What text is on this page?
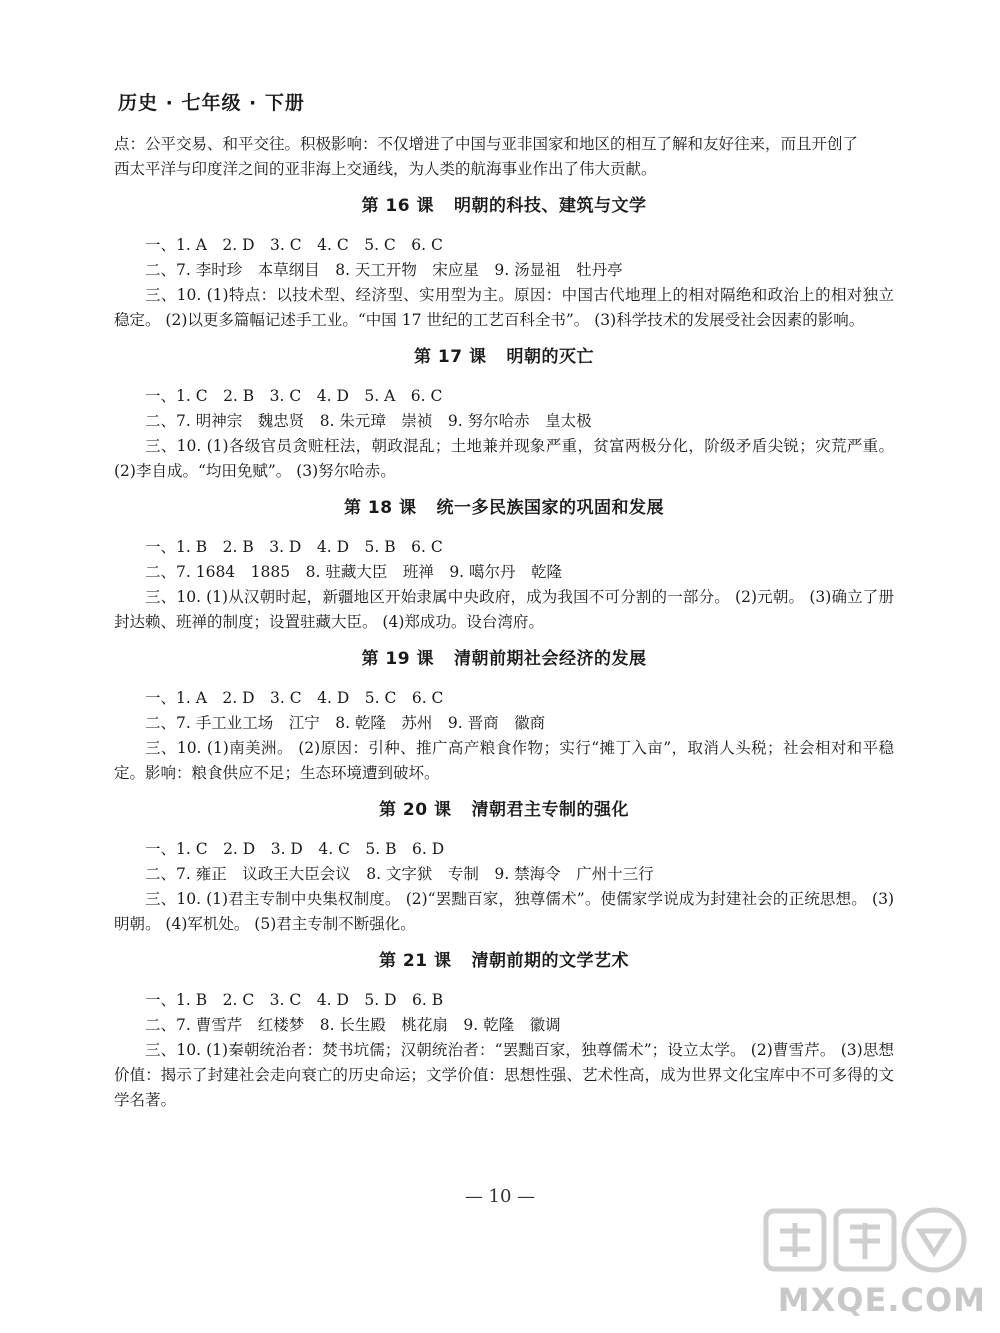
历史 · 七年级 · 下册

点：公平交易、和平交往。积极影响：不仅增进了中国与亚非国家和地区的相互了解和友好往来，而且开创了

西太平洋与印度洋之间的亚非海上交通线，为人类的航海事业作出了伟大贡献。

第 16 课 明朝的科技、建筑与文学

一、1. A　2. D　3. C　4. C　5. C　6. C

二、7. 李时珍　本草纲目　8. 天工开物　宋应星　9. 汤显祖　牡丹亭

三、10. (1)特点：以技术型、经济型、实用型为主。原因：中国古代地理上的相对隔绝和政治上的相对独立稳定。 (2)以更多篇幅记述手工业。“中国 17 世纪的工艺百科全书”。 (3)科学技术的发展受社会因素的影响。

第 17 课 明朝的灭亡

一、1. C　2. B　3. C　4. D　5. A　6. C

二、7. 明神宗　魏忠贤　8. 朱元璋　崇祯　9. 努尔哈赤　皇太极

三、10. (1)各级官员贪赃枉法，朝政混乱；土地兼并现象严重，贫富两极分化，阶级矛盾尖锐；灾荒严重。 (2)李自成。“均田免赋”。 (3)努尔哈赤。

第 18 课 统一多民族国家的巩固和发展

一、1. B　2. B　3. D　4. D　5. B　6. C

二、7. 1684　1885　8. 驻藏大臣　班禅　9. 噶尔丹　乾隆

三、10. (1)从汉朝时起，新疆地区开始隶属中央政府，成为我国不可分割的一部分。 (2)元朝。 (3)确立了册封达赖、班禅的制度；设置驻藏大臣。 (4)郑成功。设台湾府。

第 19 课 清朝前期社会经济的发展

一、1. A　2. D　3. C　4. D　5. C　6. C

二、7. 手工业工场　江宁　8. 乾隆　苏州　9. 晋商　徽商

三、10. (1)南美洲。 (2)原因：引种、推广高产粮食作物；实行“摊丁入亩”，取消人头税；社会相对和平稳定。影响：粮食供应不足；生态环境遭到破坏。

第 20 课 清朝君主专制的强化

一、1. C　2. D　3. D　4. C　5. B　6. D

二、7. 雍正　议政王大臣会议　8. 文字狱　专制　9. 禁海令　广州十三行

三、10. (1)君主专制中央集权制度。 (2)“罢黜百家，独尊儒术”。使儒家学说成为封建社会的正统思想。 (3)明朝。 (4)军机处。 (5)君主专制不断强化。

第 21 课 清朝前期的文学艺术

一、1. B　2. C　3. C　4. D　5. D　6. B

二、7. 曹雪芹　红楼梦　8. 长生殿　桃花扇　9. 乾隆　徽调

三、10. (1)秦朝统治者：焚书坑儒；汉朝统治者：“罢黜百家，独尊儒术”；设立太学。 (2)曹雪芹。 (3)思想价值：揭示了封建社会走向衰亡的历史命运；文学价值：思想性强、艺术性高，成为世界文化宝库中不可多得的文学名著。

— 10 —
MXQE.COM
